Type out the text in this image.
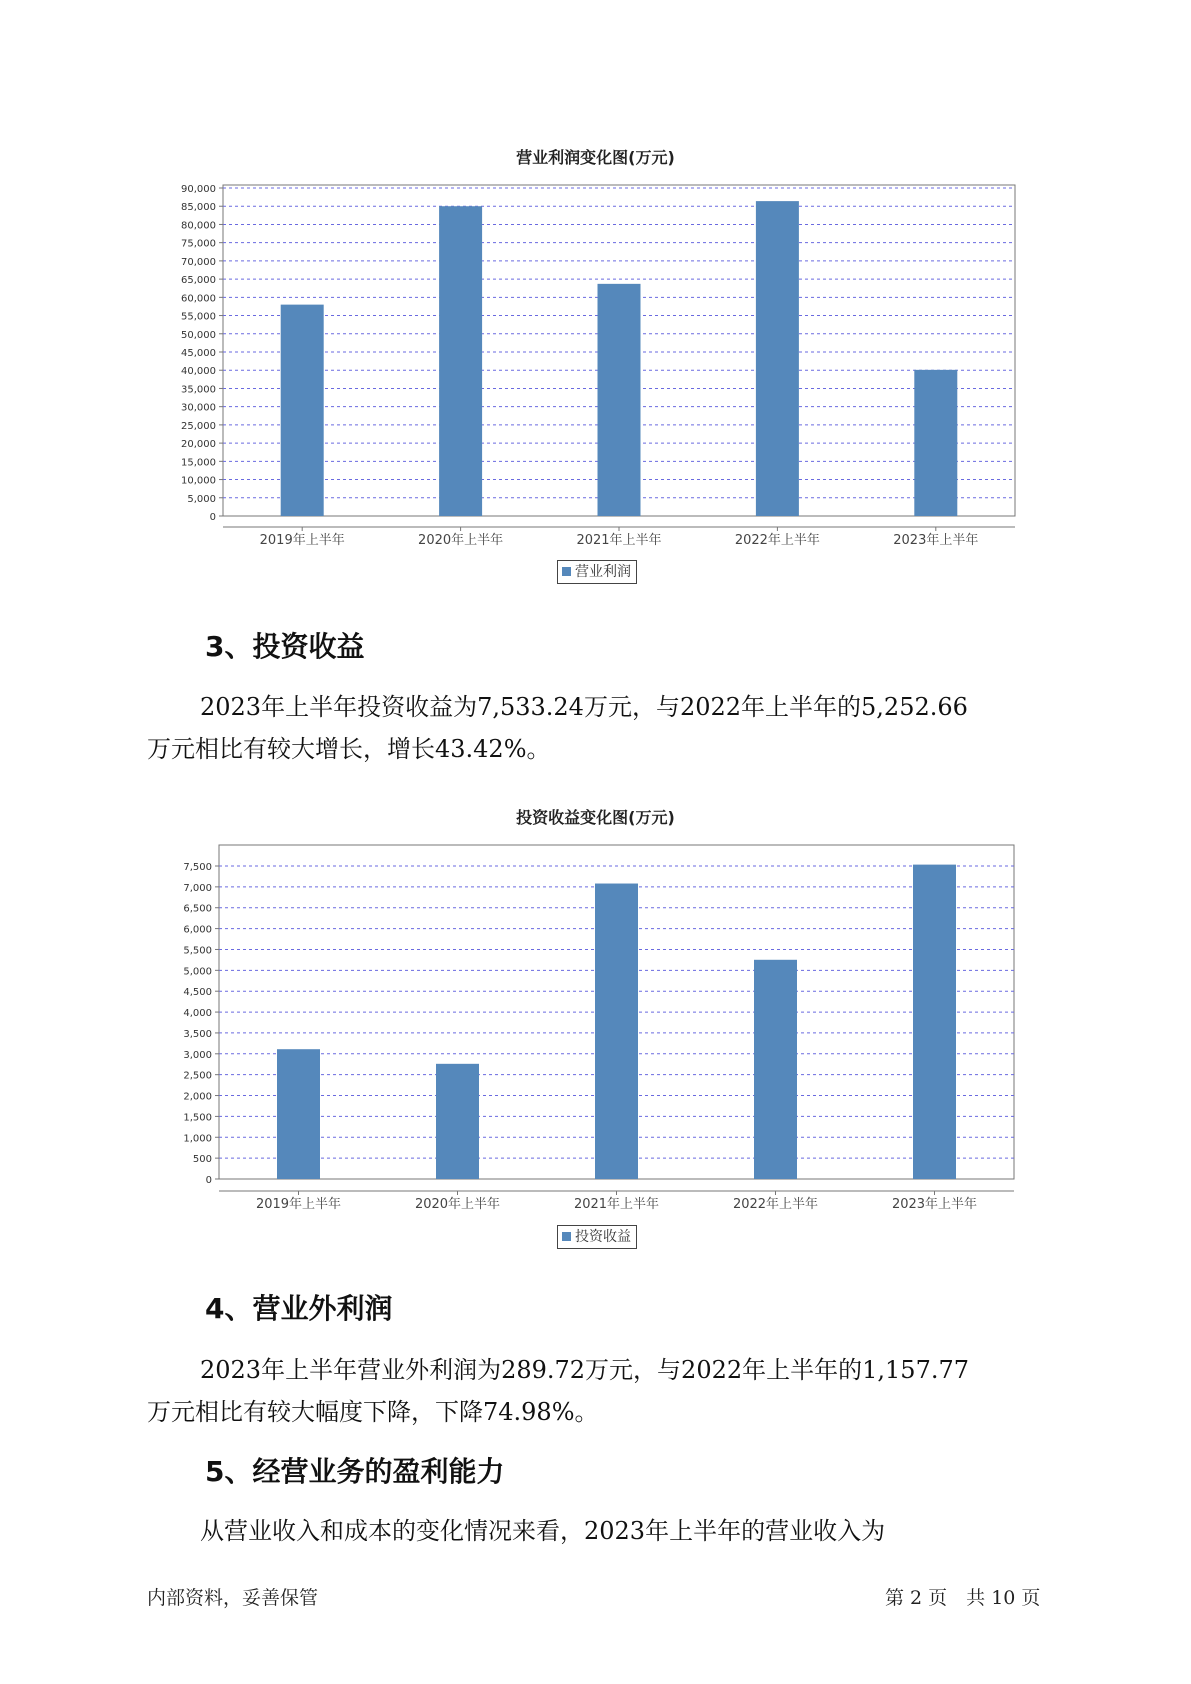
营业利润变化图(万元)
0
5,000
10,000
15,000
20,000
25,000
30,000
35,000
40,000
45,000
50,000
55,000
60,000
65,000
70,000
75,000
80,000
85,000
90,000
2019年上半年	2020年上半年	2021年上半年	2022年上半年	2023年上半年
营业利润
3、投资收益
2023年上半年投资收益为7,533.24万元，与2022年上半年的5,252.66
万元相比有较大增长，增长43.42%。
投资收益变化图(万元)
0
500
1,000
1,500
2,000
2,500
3,000
3,500
4,000
4,500
5,000
5,500
6,000
6,500
7,000
7,500
2019年上半年	2020年上半年	2021年上半年	2022年上半年	2023年上半年
投资收益
4、营业外利润
2023年上半年营业外利润为289.72万元，与2022年上半年的1,157.77
万元相比有较大幅度下降，下降74.98%。
5、经营业务的盈利能力
从营业收入和成本的变化情况来看，2023年上半年的营业收入为
内部资料，妥善保管	第 2 页　共 10 页
